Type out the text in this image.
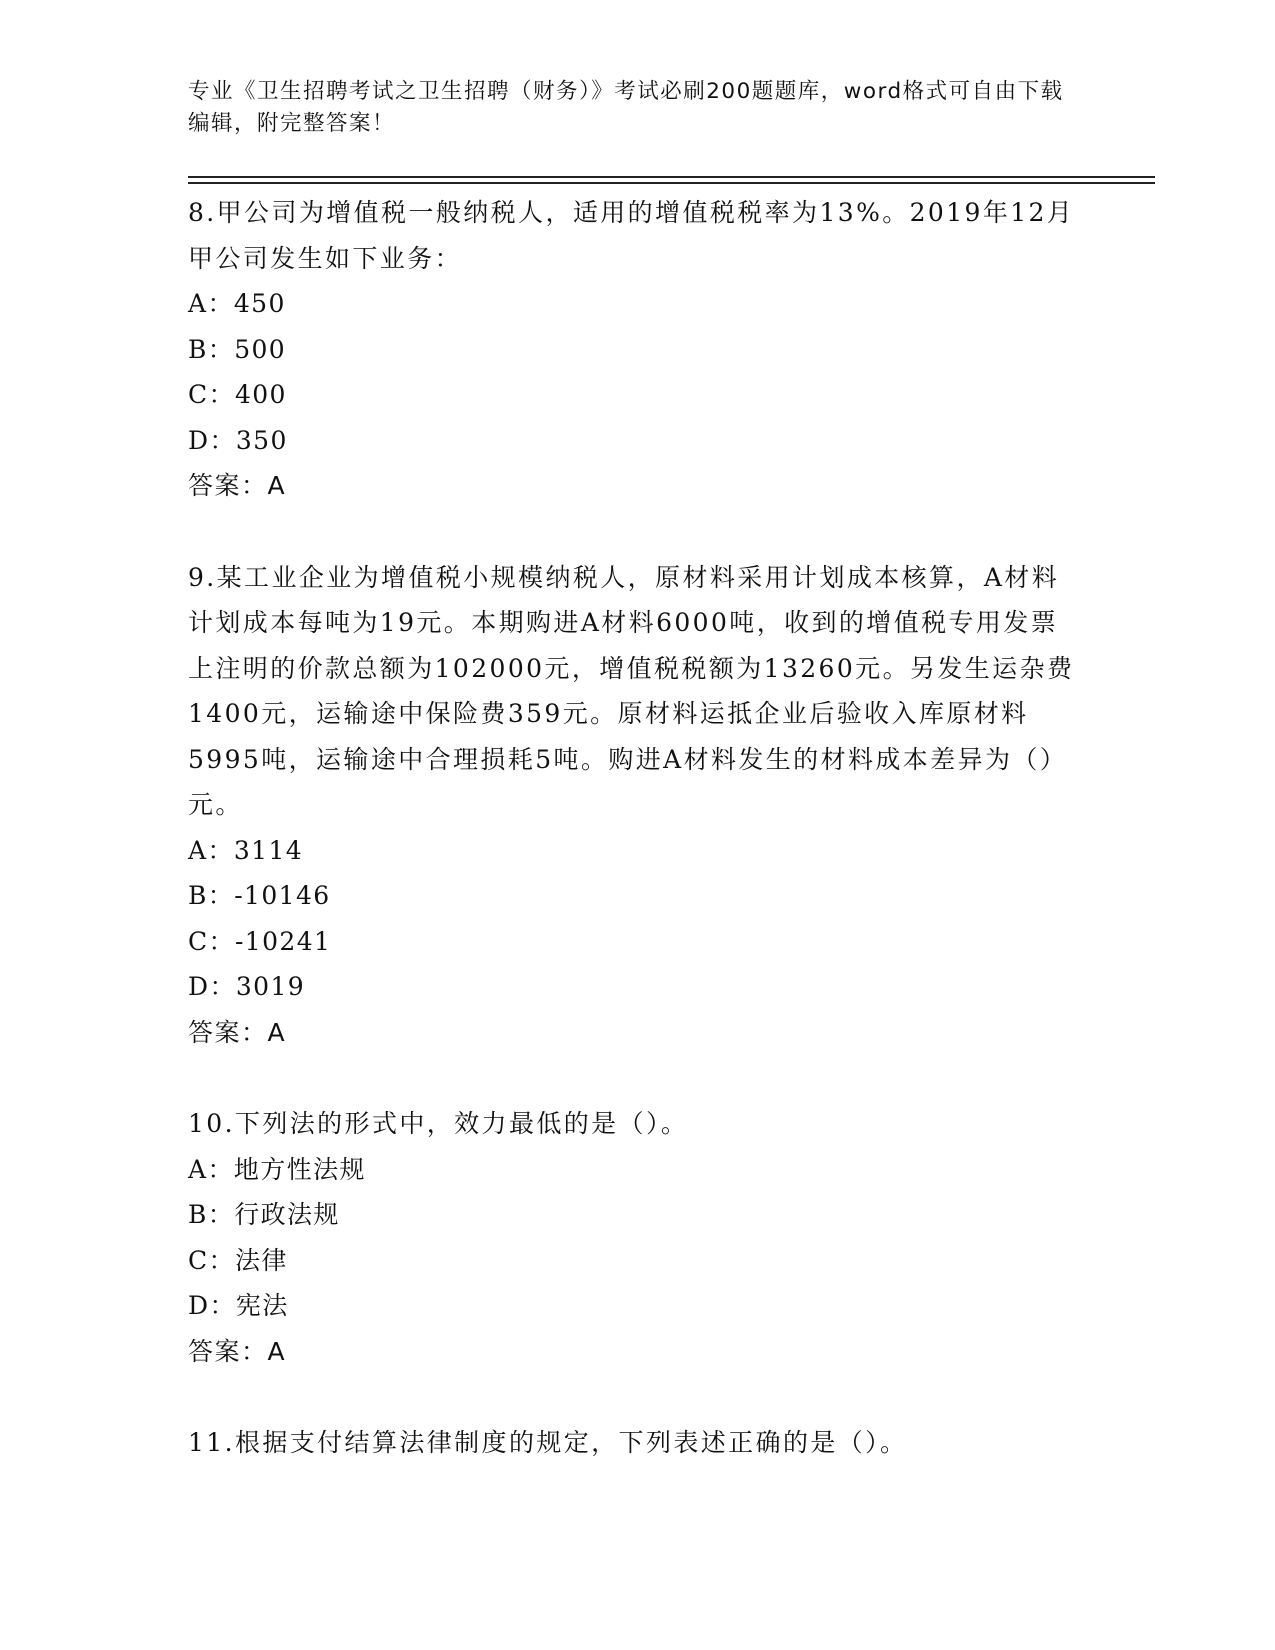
专业《卫生招聘考试之卫生招聘（财务）》考试必刷200题题库，word格式可自由下载编辑，附完整答案！

8.甲公司为增值税一般纳税人，适用的增值税税率为13%。2019年12月甲公司发生如下业务：

A：450

B：500

C：400

D：350

答案：A

9.某工业企业为增值税小规模纳税人，原材料采用计划成本核算，A材料计划成本每吨为19元。本期购进A材料6000吨，收到的增值税专用发票上注明的价款总额为102000元，增值税税额为13260元。另发生运杂费1400元，运输途中保险费359元。原材料运抵企业后验收入库原材料5995吨，运输途中合理损耗5吨。购进A材料发生的材料成本差异为（）元。

A：3114

B：-10146

C：-10241

D：3019

答案：A

10.下列法的形式中，效力最低的是（）。

A：地方性法规

B：行政法规

C：法律

D：宪法

答案：A

11.根据支付结算法律制度的规定，下列表述正确的是（）。
